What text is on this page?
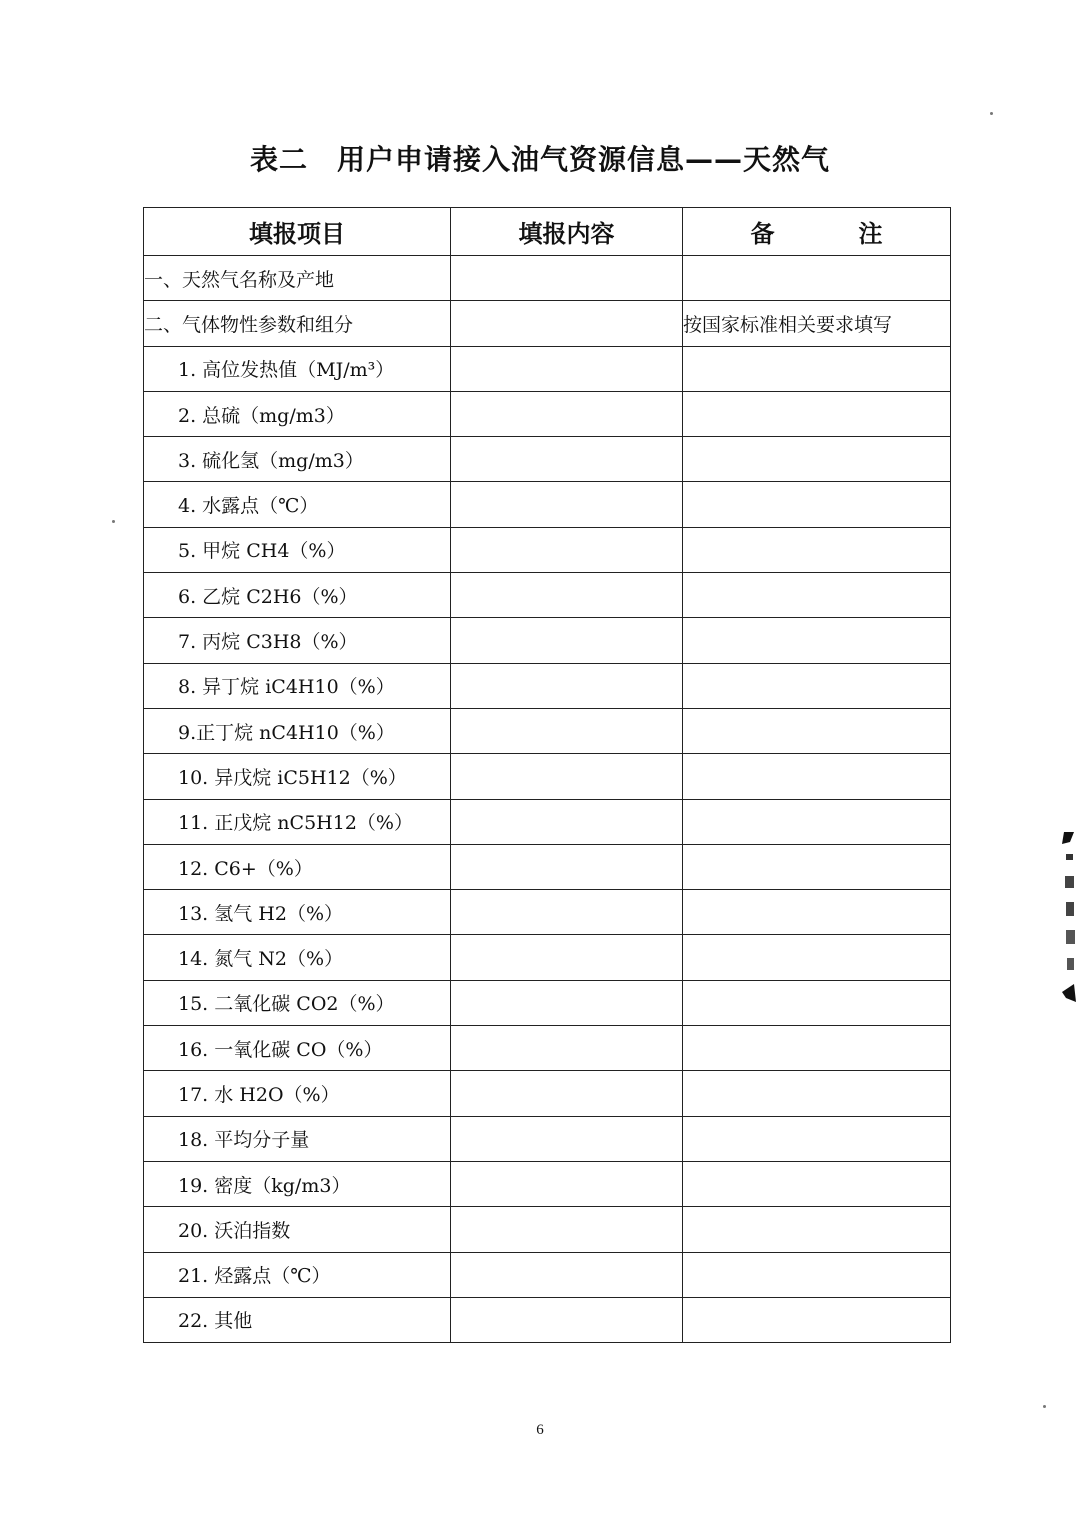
表二　用户申请接入油气资源信息——天然气
填报项目	填报内容	备　注
一、天然气名称及产地		
二、气体物性参数和组分		按国家标准相关要求填写
1. 高位发热值（MJ/m³）		
2. 总硫（mg/m3）		
3. 硫化氢（mg/m3）		
4. 水露点（℃）		
5. 甲烷 CH4（%）		
6. 乙烷 C2H6（%）		
7. 丙烷 C3H8（%）		
8. 异丁烷 iC4H10（%）		
9.正丁烷 nC4H10（%）		
10. 异戊烷 iC5H12（%）		
11. 正戊烷 nC5H12（%）		
12. C6+（%）		
13. 氢气 H2（%）		
14. 氮气 N2（%）		
15. 二氧化碳 CO2（%）		
16. 一氧化碳 CO（%）		
17. 水 H2O（%）		
18. 平均分子量		
19. 密度（kg/m3）		
20. 沃泊指数		
21. 烃露点（℃）		
22. 其他		
6
